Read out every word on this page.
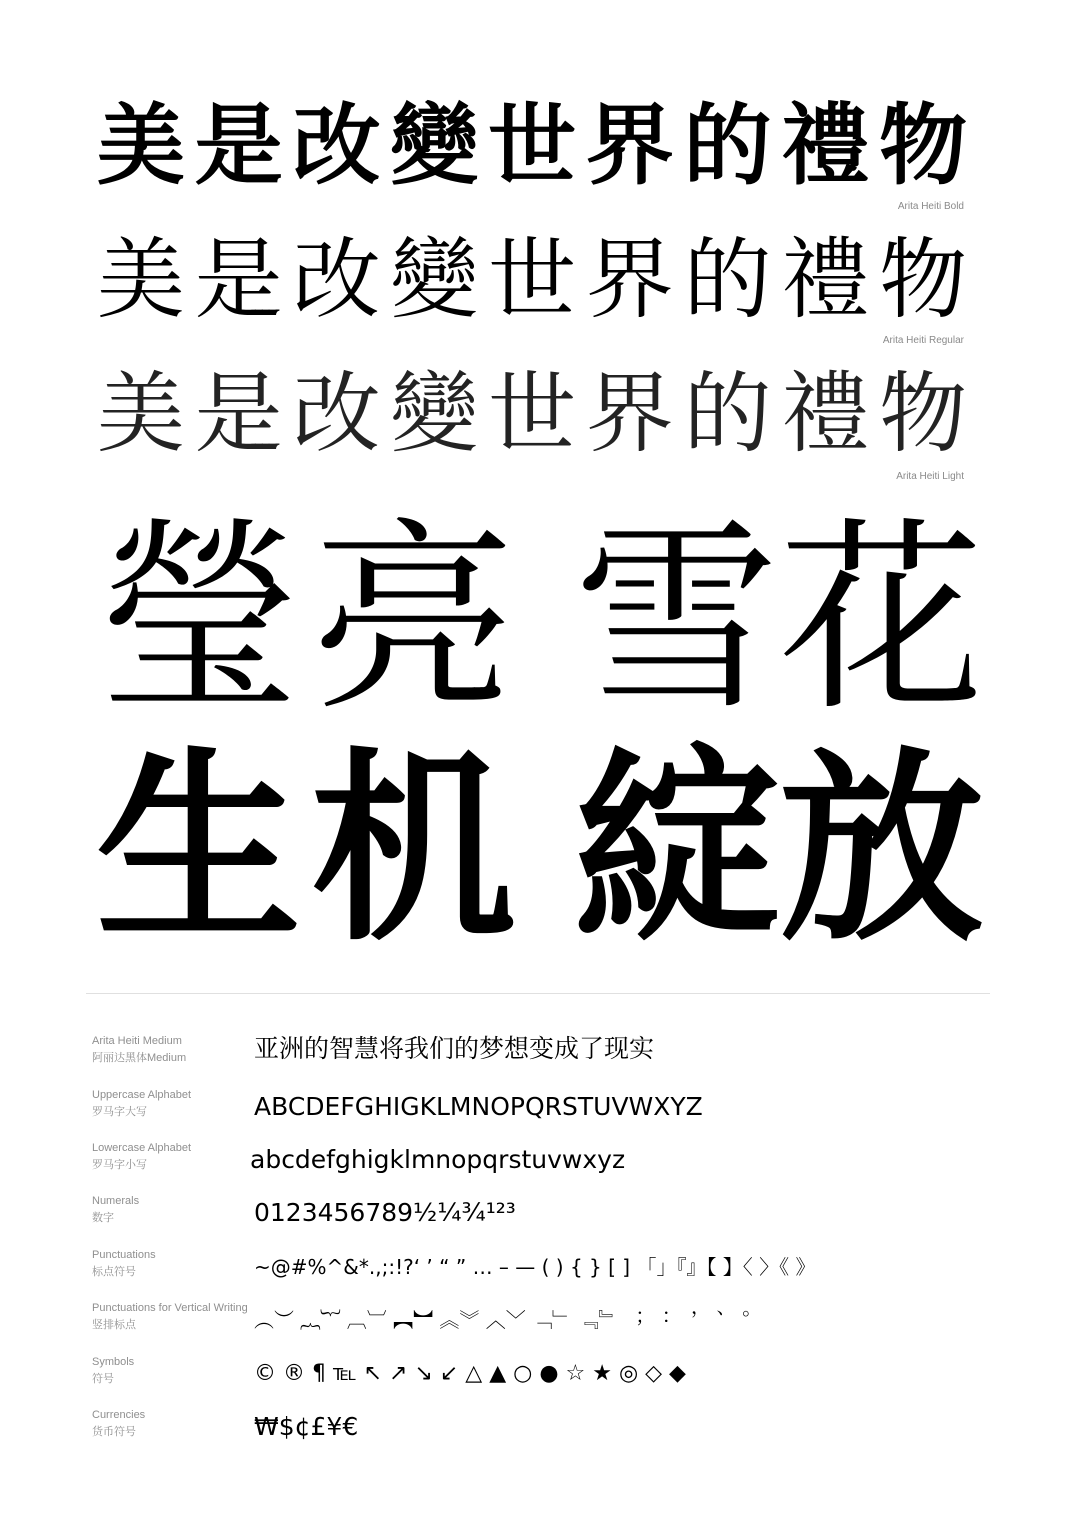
美 是 改 變 世 界 的 禮 物
Arita Heiti Bold
美 是 改 變 世 界 的 禮 物
Arita Heiti Regular
美 是 改 變 世 界 的 禮 物
Arita Heiti Light
瑩 亮 雪 花
生 机 綻 放
Arita Heiti Medium
阿丽达黑体Medium	亚洲的智慧将我们的梦想变成了现实
Uppercase Alphabet
罗马字大写	ABCDEFGHIGKLMNOPQRSTUVWXYZ
Lowercase Alphabet
罗马字小写	abcdefghigklmnopqrstuvwxyz
Numerals
数字	0123456789½¼¾¹²³
Punctuations
标点符号	~@#%^&*.,;:!?‘ ’ “ ” … – — ( ) { } [ ] 「」『』【 】〈 〉《 》
Punctuations for Vertical Writing
竖排标点	︵︶ ︷︸ ︹︺ ︻︼ ︽︾ ︿﹀ ﹁﹂ ﹃﹄ ︔ ︓ ︐ ︑ ︒
Symbols
符号	© ® ¶ ℡ ↖ ↗ ↘ ↙ △ ▲ ○ ● ☆ ★ ◎ ◇ ◆
Currencies
货币符号	₩$¢£¥€
